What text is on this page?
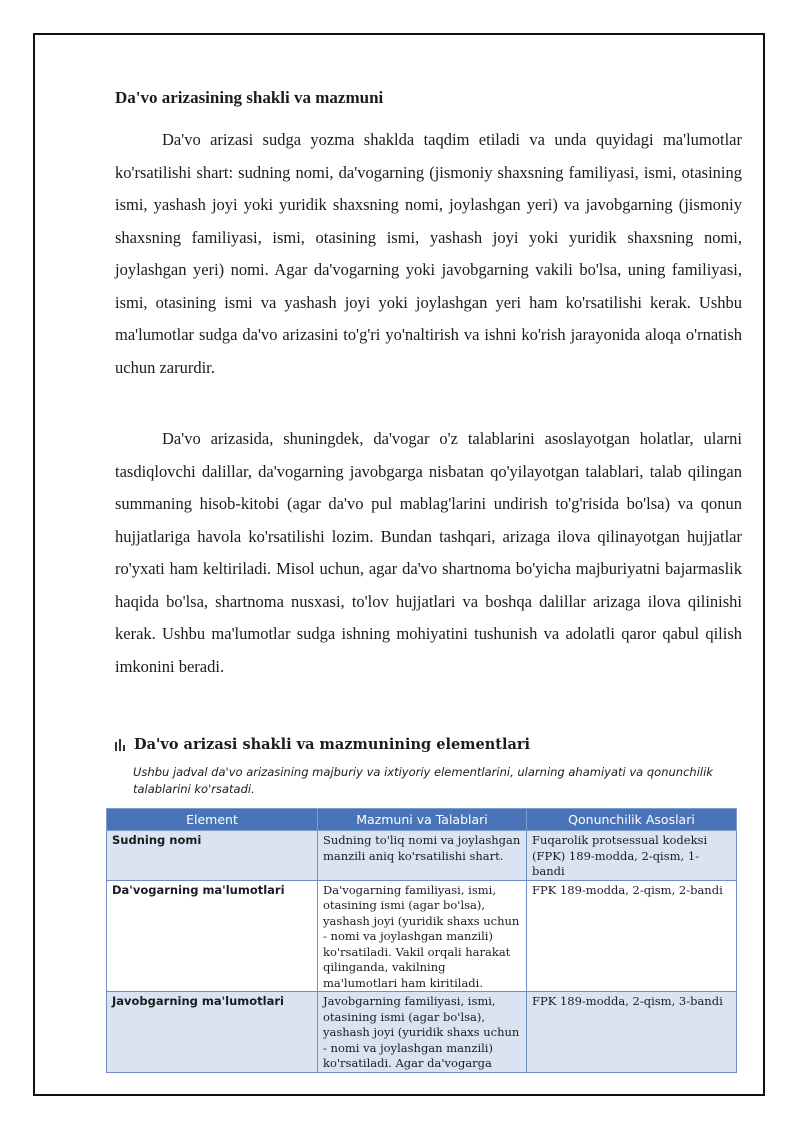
Da'vo arizasining shakli va mazmuni

Da'vo arizasi sudga yozma shaklda taqdim etiladi va unda quyidagi ma'lumotlar ko'rsatilishi shart: sudning nomi, da'vogarning (jismoniy shaxsning familiyasi, ismi, otasining ismi, yashash joyi yoki yuridik shaxsning nomi, joylashgan yeri) va javobgarning (jismoniy shaxsning familiyasi, ismi, otasining ismi, yashash joyi yoki yuridik shaxsning nomi, joylashgan yeri) nomi. Agar da'vogarning yoki javobgarning vakili bo'lsa, uning familiyasi, ismi, otasining ismi va yashash joyi yoki joylashgan yeri ham ko'rsatilishi kerak. Ushbu ma'lumotlar sudga da'vo arizasini to'g'ri yo'naltirish va ishni ko'rish jarayonida aloqa o'rnatish uchun zarurdir.

Da'vo arizasida, shuningdek, da'vogar o'z talablarini asoslayotgan holatlar, ularni tasdiqlovchi dalillar, da'vogarning javobgarga nisbatan qo'yilayotgan talablari, talab qilingan summaning hisob-kitobi (agar da'vo pul mablag'larini undirish to'g'risida bo'lsa) va qonun hujjatlariga havola ko'rsatilishi lozim. Bundan tashqari, arizaga ilova qilinayotgan hujjatlar ro'yxati ham keltiriladi. Misol uchun, agar da'vo shartnoma bo'yicha majburiyatni bajarmaslik haqida bo'lsa, shartnoma nusxasi, to'lov hujjatlari va boshqa dalillar arizaga ilova qilinishi kerak. Ushbu ma'lumotlar sudga ishning mohiyatini tushunish va adolatli qaror qabul qilish imkonini beradi.

Da'vo arizasi shakli va mazmunining elementlari

Ushbu jadval da'vo arizasining majburiy va ixtiyoriy elementlarini, ularning ahamiyati va qonunchilik talablarini ko'rsatadi.

Element	Mazmuni va Talablari	Qonunchilik Asoslari
Sudning nomi	Sudning to'liq nomi va joylashgan manzili aniq ko'rsatilishi shart.	Fuqarolik protsessual kodeksi (FPK) 189-modda, 2-qism, 1-bandi
Da'vogarning ma'lumotlari	Da'vogarning familiyasi, ismi, otasining ismi (agar bo'lsa), yashash joyi (yuridik shaxs uchun - nomi va joylashgan manzili) ko'rsatiladi. Vakil orqali harakat qilinganda, vakilning ma'lumotlari ham kiritiladi.	FPK 189-modda, 2-qism, 2-bandi
Javobgarning ma'lumotlari	Javobgarning familiyasi, ismi, otasining ismi (agar bo'lsa), yashash joyi (yuridik shaxs uchun - nomi va joylashgan manzili) ko'rsatiladi. Agar da'vogarga	FPK 189-modda, 2-qism, 3-bandi
